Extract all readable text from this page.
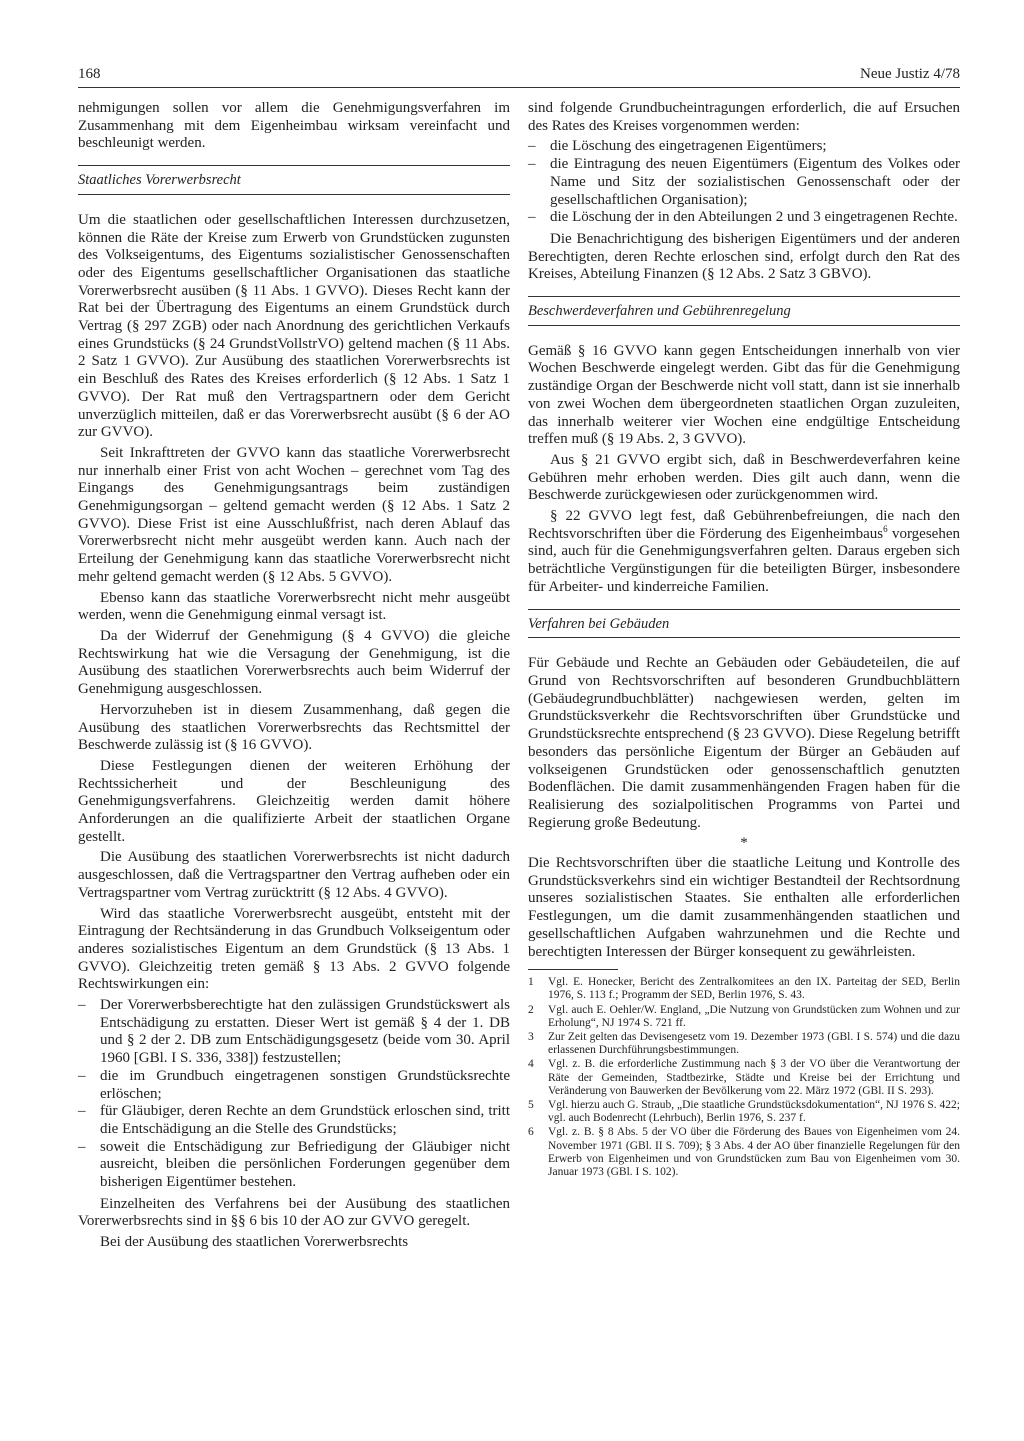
168	Neue Justiz 4/78

nehmigungen sollen vor allem die Genehmigungsverfahren im Zusammenhang mit dem Eigenheimbau wirksam vereinfacht und beschleunigt werden.

Staatliches Vorerwerbsrecht

Um die staatlichen oder gesellschaftlichen Interessen durchzusetzen, können die Räte der Kreise zum Erwerb von Grundstücken zugunsten des Volkseigentums, des Eigentums sozialistischer Genossenschaften oder des Eigentums gesellschaftlicher Organisationen das staatliche Vorerwerbsrecht ausüben (§ 11 Abs. 1 GVVO). Dieses Recht kann der Rat bei der Übertragung des Eigentums an einem Grundstück durch Vertrag (§ 297 ZGB) oder nach Anordnung des gerichtlichen Verkaufs eines Grundstücks (§ 24 GrundstVollstrVO) geltend machen (§ 11 Abs. 2 Satz 1 GVVO). Zur Ausübung des staatlichen Vorerwerbsrechts ist ein Beschluß des Rates des Kreises erforderlich (§ 12 Abs. 1 Satz 1 GVVO). Der Rat muß den Vertragspartnern oder dem Gericht unverzüglich mitteilen, daß er das Vorerwerbsrecht ausübt (§ 6 der AO zur GVVO).

Seit Inkrafttreten der GVVO kann das staatliche Vorerwerbsrecht nur innerhalb einer Frist von acht Wochen – gerechnet vom Tag des Eingangs des Genehmigungsantrags beim zuständigen Genehmigungsorgan – geltend gemacht werden (§ 12 Abs. 1 Satz 2 GVVO). Diese Frist ist eine Ausschlußfrist, nach deren Ablauf das Vorerwerbsrecht nicht mehr ausgeübt werden kann. Auch nach der Erteilung der Genehmigung kann das staatliche Vorerwerbsrecht nicht mehr geltend gemacht werden (§ 12 Abs. 5 GVVO).

Ebenso kann das staatliche Vorerwerbsrecht nicht mehr ausgeübt werden, wenn die Genehmigung einmal versagt ist.

Da der Widerruf der Genehmigung (§ 4 GVVO) die gleiche Rechtswirkung hat wie die Versagung der Genehmigung, ist die Ausübung des staatlichen Vorerwerbsrechts auch beim Widerruf der Genehmigung ausgeschlossen.

Hervorzuheben ist in diesem Zusammenhang, daß gegen die Ausübung des staatlichen Vorerwerbsrechts das Rechtsmittel der Beschwerde zulässig ist (§ 16 GVVO).

Diese Festlegungen dienen der weiteren Erhöhung der Rechtssicherheit und der Beschleunigung des Genehmigungsverfahrens. Gleichzeitig werden damit höhere Anforderungen an die qualifizierte Arbeit der staatlichen Organe gestellt.

Die Ausübung des staatlichen Vorerwerbsrechts ist nicht dadurch ausgeschlossen, daß die Vertragspartner den Vertrag aufheben oder ein Vertragspartner vom Vertrag zurücktritt (§ 12 Abs. 4 GVVO).

Wird das staatliche Vorerwerbsrecht ausgeübt, entsteht mit der Eintragung der Rechtsänderung in das Grundbuch Volkseigentum oder anderes sozialistisches Eigentum an dem Grundstück (§ 13 Abs. 1 GVVO). Gleichzeitig treten gemäß § 13 Abs. 2 GVVO folgende Rechtswirkungen ein:

– Der Vorerwerbsberechtigte hat den zulässigen Grundstückswert als Entschädigung zu erstatten. Dieser Wert ist gemäß § 4 der 1. DB und § 2 der 2. DB zum Entschädigungsgesetz (beide vom 30. April 1960 [GBl. I S. 336, 338]) festzustellen;
– die im Grundbuch eingetragenen sonstigen Grundstücksrechte erlöschen;
– für Gläubiger, deren Rechte an dem Grundstück erloschen sind, tritt die Entschädigung an die Stelle des Grundstücks;
– soweit die Entschädigung zur Befriedigung der Gläubiger nicht ausreicht, bleiben die persönlichen Forderungen gegenüber dem bisherigen Eigentümer bestehen.

Einzelheiten des Verfahrens bei der Ausübung des staatlichen Vorerwerbsrechts sind in §§ 6 bis 10 der AO zur GVVO geregelt.

Bei der Ausübung des staatlichen Vorerwerbsrechts

sind folgende Grundbucheintragungen erforderlich, die auf Ersuchen des Rates des Kreises vorgenommen werden:

– die Löschung des eingetragenen Eigentümers;
– die Eintragung des neuen Eigentümers (Eigentum des Volkes oder Name und Sitz der sozialistischen Genossenschaft oder der gesellschaftlichen Organisation);
– die Löschung der in den Abteilungen 2 und 3 eingetragenen Rechte.

Die Benachrichtigung des bisherigen Eigentümers und der anderen Berechtigten, deren Rechte erloschen sind, erfolgt durch den Rat des Kreises, Abteilung Finanzen (§ 12 Abs. 2 Satz 3 GBVO).

Beschwerdeverfahren und Gebührenregelung

Gemäß § 16 GVVO kann gegen Entscheidungen innerhalb von vier Wochen Beschwerde eingelegt werden. Gibt das für die Genehmigung zuständige Organ der Beschwerde nicht voll statt, dann ist sie innerhalb von zwei Wochen dem übergeordneten staatlichen Organ zuzuleiten, das innerhalb weiterer vier Wochen eine endgültige Entscheidung treffen muß (§ 19 Abs. 2, 3 GVVO).

Aus § 21 GVVO ergibt sich, daß in Beschwerdeverfahren keine Gebühren mehr erhoben werden. Dies gilt auch dann, wenn die Beschwerde zurückgewiesen oder zurückgenommen wird.

§ 22 GVVO legt fest, daß Gebührenbefreiungen, die nach den Rechtsvorschriften über die Förderung des Eigenheimbaus$^6$ vorgesehen sind, auch für die Genehmigungsverfahren gelten. Daraus ergeben sich beträchtliche Vergünstigungen für die beteiligten Bürger, insbesondere für Arbeiter- und kinderreiche Familien.

Verfahren bei Gebäuden

Für Gebäude und Rechte an Gebäuden oder Gebäudeteilen, die auf Grund von Rechtsvorschriften auf besonderen Grundbuchblättern (Gebäudegrundbuchblätter) nachgewiesen werden, gelten im Grundstücksverkehr die Rechtsvorschriften über Grundstücke und Grundstücksrechte entsprechend (§ 23 GVVO). Diese Regelung betrifft besonders das persönliche Eigentum der Bürger an Gebäuden auf volkseigenen Grundstücken oder genossenschaftlich genutzten Bodenflächen. Die damit zusammenhängenden Fragen haben für die Realisierung des sozialpolitischen Programms von Partei und Regierung große Bedeutung.

*

Die Rechtsvorschriften über die staatliche Leitung und Kontrolle des Grundstücksverkehrs sind ein wichtiger Bestandteil der Rechtsordnung unseres sozialistischen Staates. Sie enthalten alle erforderlichen Festlegungen, um die damit zusammenhängenden staatlichen und gesellschaftlichen Aufgaben wahrzunehmen und die Rechte und berechtigten Interessen der Bürger konsequent zu gewährleisten.

1 Vgl. E. Honecker, Bericht des Zentralkomitees an den IX. Parteitag der SED, Berlin 1976, S. 113 f.; Programm der SED, Berlin 1976, S. 43.
2 Vgl. auch E. Oehler/W. England, „Die Nutzung von Grundstücken zum Wohnen und zur Erholung“, NJ 1974 S. 721 ff.
3 Zur Zeit gelten das Devisengesetz vom 19. Dezember 1973 (GBl. I S. 574) und die dazu erlassenen Durchführungsbestimmungen.
4 Vgl. z. B. die erforderliche Zustimmung nach § 3 der VO über die Verantwortung der Räte der Gemeinden, Stadtbezirke, Städte und Kreise bei der Errichtung und Veränderung von Bauwerken der Bevölkerung vom 22. März 1972 (GBl. II S. 293).
5 Vgl. hierzu auch G. Straub, „Die staatliche Grundstücksdokumentation“, NJ 1976 S. 422; vgl. auch Bodenrecht (Lehrbuch), Berlin 1976, S. 237 f.
6 Vgl. z. B. § 8 Abs. 5 der VO über die Förderung des Baues von Eigenheimen vom 24. November 1971 (GBl. II S. 709); § 3 Abs. 4 der AO über finanzielle Regelungen für den Erwerb von Eigenheimen und von Grundstücken zum Bau von Eigenheimen vom 30. Januar 1973 (GBl. I S. 102).
